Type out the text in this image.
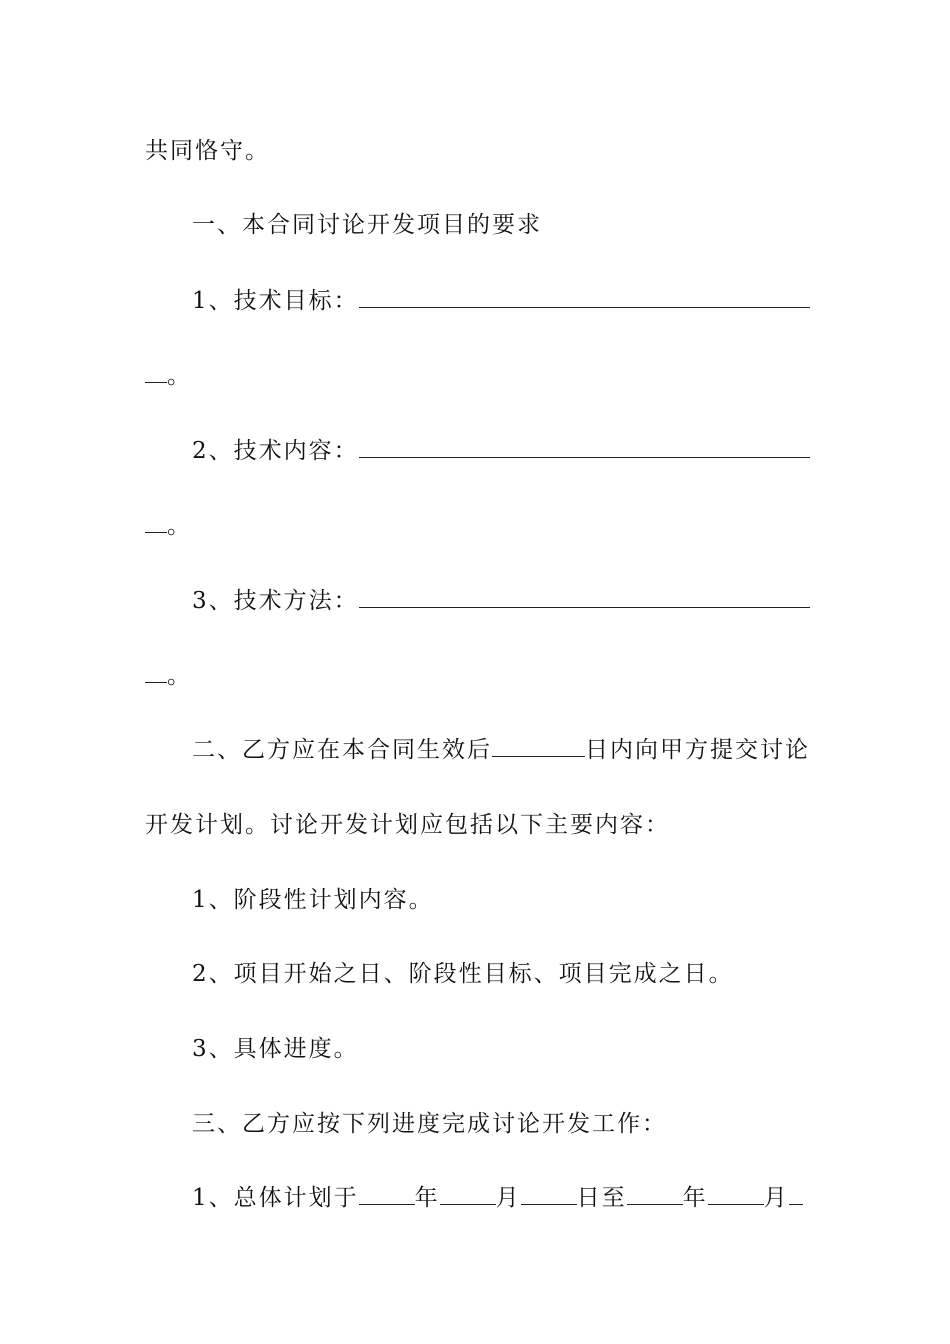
共同恪守。
一、本合同讨论开发项目的要求
1、技术目标：
。
2、技术内容：
。
3、技术方法：
。
二、乙方应在本合同生效后	日内向甲方提交讨论
开发计划。讨论开发计划应包括以下主要内容：
1、阶段性计划内容。
2、项目开始之日、阶段性目标、项目完成之日。
3、具体进度。
三、乙方应按下列进度完成讨论开发工作：
1、总体计划于 年 月 日至 年 月
